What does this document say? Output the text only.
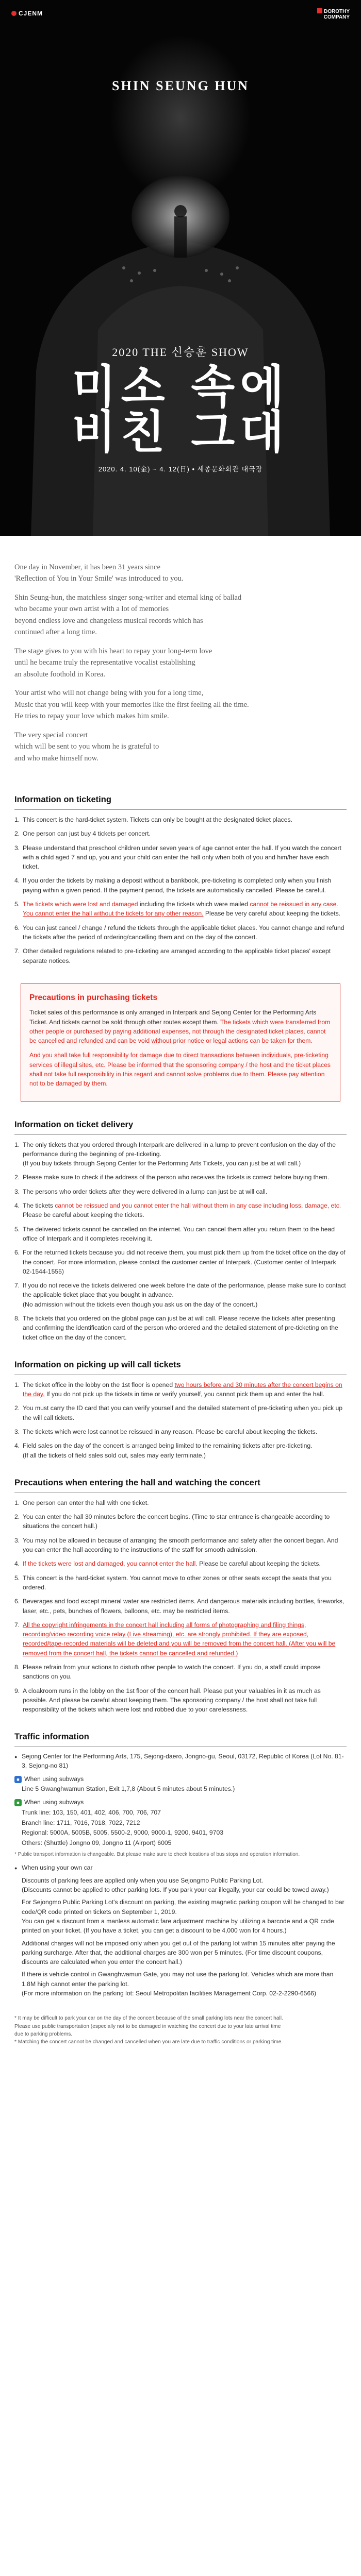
CJENM	DOROTHY
COMPANY
SHIN SEUNG HUN
2020 THE 신승훈 SHOW
미소 속에
비친 그대
2020. 4. 10(金) ~ 4. 12(日) • 세종문화회관 대극장

One day in November, it has been 31 years since
'Reflection of You in Your Smile' was introduced to you.

Shin Seung-hun, the matchless singer song-writer and eternal king of ballad
who became your own artist with a lot of memories
beyond endless love and changeless musical records which has
continued after a long time.

The stage gives to you with his heart to repay your long-term love
until he became truly the representative vocalist establishing
an absolute foothold in Korea.

Your artist who will not change being with you for a long time,
Music that you will keep with your memories like the first feeling all the time.
He tries to repay your love which makes him smile.

The very special concert
which will be sent to you whom he is grateful to
and who make himself now.

Information on ticketing
1. This concert is the hard-ticket system. Tickets can only be bought at the designated ticket places.
2. One person can just buy 4 tickets per concert.
3. Please understand that preschool children under seven years of age cannot enter the hall. If you watch the concert with a child aged 7 and up, you and your child can enter the hall only when both of you and him/her have each ticket.
4. If you order the tickets by making a deposit without a bankbook, pre-ticketing is completed only when you finish paying within a given period. If the payment period, the tickets are automatically cancelled. Please be careful.
5. The tickets which were lost and damaged including the tickets which were mailed cannot be reissued in any case. You cannot enter the hall without the tickets for any other reason. Please be very careful about keeping the tickets.
6. You can just cancel / change / refund the tickets through the applicable ticket places. You cannot change and refund the tickets after the period of ordering/cancelling them and on the day of the concert.
7. Other detailed regulations related to pre-ticketing are arranged according to the applicable ticket places' except separate notices.
Precautions in purchasing tickets

Ticket sales of this performance is only arranged in Interpark and Sejong Center for the Performing Arts Ticket. And tickets cannot be sold through other routes except them. The tickets which were transferred from other people or purchased by paying additional expenses, not through the designated ticket places, cannot be cancelled and refunded and can be void without prior notice or legal actions can be taken for them.

And you shall take full responsibility for damage due to direct transactions between individuals, pre-ticketing services of illegal sites, etc. Please be informed that the sponsoring company / the host and the ticket places shall not take full responsibility in this regard and cannot solve problems due to them. Please pay attention not to be damaged by them.

Information on ticket delivery
1. The only tickets that you ordered through Interpark are delivered in a lump to prevent confusion on the day of the performance during the beginning of pre-ticketing.
(If you buy tickets through Sejong Center for the Performing Arts Tickets, you can just be at will call.)
2. Please make sure to check if the address of the person who receives the tickets is correct before buying them.
3. The persons who order tickets after they were delivered in a lump can just be at will call.
4. The tickets cannot be reissued and you cannot enter the hall without them in any case including loss, damage, etc. Please be careful about keeping the tickets.
5. The delivered tickets cannot be cancelled on the internet. You can cancel them after you return them to the head office of Interpark and it completes receiving it.
6. For the returned tickets because you did not receive them, you must pick them up from the ticket office on the day of the concert. For more information, please contact the customer center of Interpark. (Customer center of Interpark 02-1544-1555)
7. If you do not receive the tickets delivered one week before the date of the performance, please make sure to contact the applicable ticket place that you bought in advance.
(No admission without the tickets even though you ask us on the day of the concert.)
8. The tickets that you ordered on the global page can just be at will call. Please receive the tickets after presenting and confirming the identification card of the person who ordered and the detailed statement of pre-ticketing on the ticket office on the day of the concert.
Information on picking up will call tickets
1. The ticket office in the lobby on the 1st floor is opened two hours before and 30 minutes after the concert begins on the day. If you do not pick up the tickets in time or verify yourself, you cannot pick them up and enter the hall.
2. You must carry the ID card that you can verify yourself and the detailed statement of pre-ticketing when you pick up the will call tickets.
3. The tickets which were lost cannot be reissued in any reason. Please be careful about keeping the tickets.
4. Field sales on the day of the concert is arranged being limited to the remaining tickets after pre-ticketing.
(If all the tickets of field sales sold out, sales may early terminate.)
Precautions when entering the hall and watching the concert
1. One person can enter the hall with one ticket.
2. You can enter the hall 30 minutes before the concert begins. (Time to star entrance is changeable according to situations the concert hall.)
3. You may not be allowed in because of arranging the smooth performance and safety after the concert began. And you can enter the hall according to the instructions of the staff for smooth admission.
4. If the tickets were lost and damaged, you cannot enter the hall. Please be careful about keeping the tickets.
5. This concert is the hard-ticket system. You cannot move to other zones or other seats except the seats that you ordered.
6. Beverages and food except mineral water are restricted items. And dangerous materials including bottles, fireworks, laser, etc., pets, bunches of flowers, balloons, etc. may be restricted items.
7. All the copyright infringements in the concert hall including all forms of photographing and filing things, recording/video recording voice relay (Live streaming), etc. are strongly prohibited. If they are exposed, recorded/tape-recorded materials will be deleted and you will be removed from the concert hall. (After you will be removed from the concert hall, the tickets cannot be cancelled and refunded.)
8. Please refrain from your actions to disturb other people to watch the concert. If you do, a staff could impose sanctions on you.
9. A cloakroom runs in the lobby on the 1st floor of the concert hall. Please put your valuables in it as much as possible. And please be careful about keeping them. The sponsoring company / the host shall not take full responsibility of the tickets which were lost and robbed due to your carelessness.
Traffic information
● Sejong Center for the Performing Arts, 175, Sejong-daero, Jongno-gu, Seoul, 03172, Republic of Korea (Lot No. 81-3, Sejong-no 81)
■ When using subways
Line 5 Gwanghwamun Station, Exit 1,7,8 (About 5 minutes about 5 minutes.)
■ When using subways
Trunk line: 103, 150, 401, 402, 406, 700, 706, 707
Branch line: 1711, 7016, 7018, 7022, 7212
Regional: 5000A, 5005B, 5005, 5500-2, 9000, 9000-1, 9200, 9401, 9703
Others: (Shuttle) Jongno 09, Jongno 11 (Airport) 6005
* Public transport information is changeable. But please make sure to check locations of bus stops and operation information.
● When using your own car
Discounts of parking fees are applied only when you use Sejongmo Public Parking Lot.
(Discounts cannot be applied to other parking lots. If you park your car illegally, your car could be towed away.)
For Sejongmo Public Parking Lot's discount on parking, the existing magnetic parking coupon will be changed to bar code/QR code printed on tickets on September 1, 2019.
You can get a discount from a manless automatic fare adjustment machine by utilizing a barcode and a QR code printed on your ticket. (If you have a ticket, you can get a discount to be 4,000 won for 4 hours.)
Additional charges will not be imposed only when you get out of the parking lot within 15 minutes after paying the parking surcharge. After that, the additional charges are 300 won per 5 minutes. (For time discount coupons, discounts are calculated when you enter the concert hall.)
If there is vehicle control in Gwanghwamun Gate, you may not use the parking lot. Vehicles which are more than 1.8M high cannot enter the parking lot.
(For more information on the parking lot: Seoul Metropolitan facilities Management Corp. 02-2-2290-6566)
* It may be difficult to park your car on the day of the concert because of the small parking lots near the concert hall.
Please use public transportation (especially not to be damaged in watching the concert due to your late arrival time
due to parking problems.
* Matching the concert cannot be changed and cancelled when you are late due to traffic conditions or parking time.
